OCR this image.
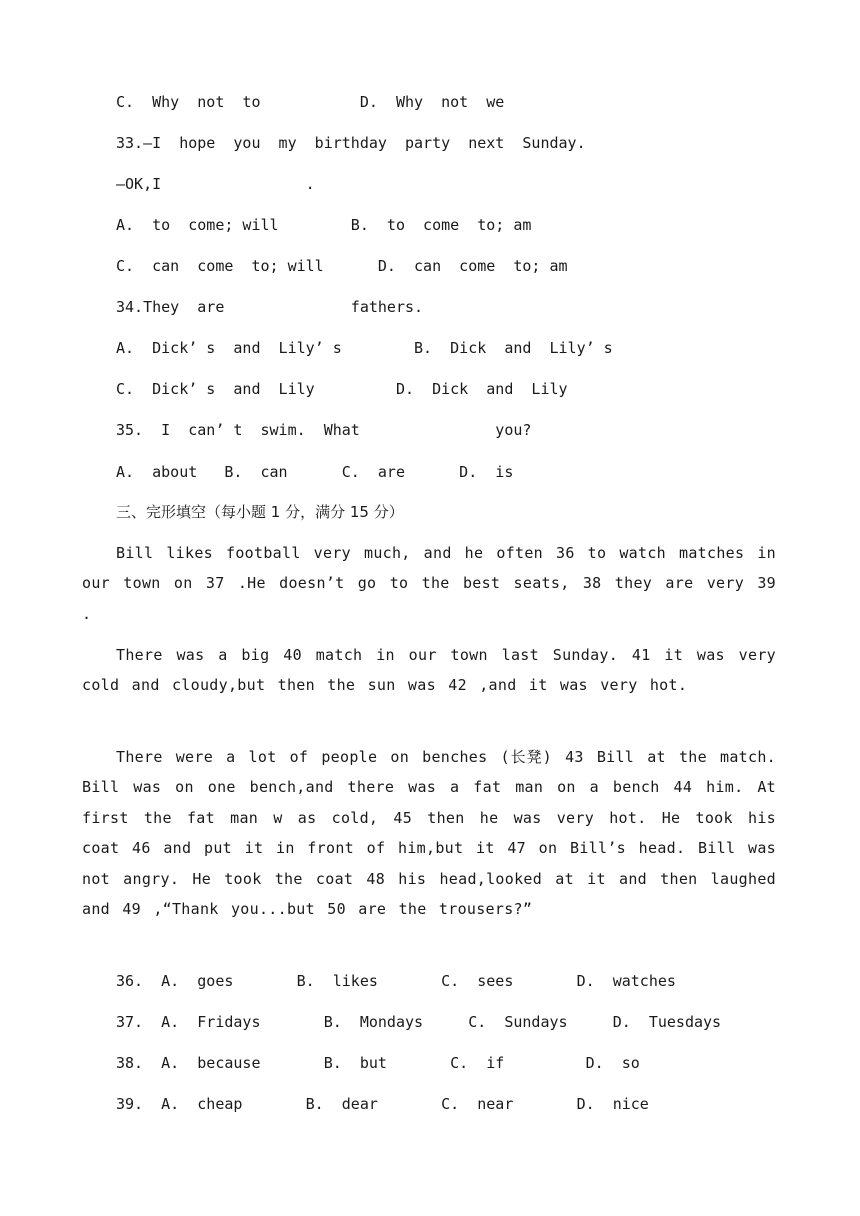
C.  Why  not  to           D.  Why  not  we
33.—I  hope  you  my  birthday  party  next  Sunday.
—OK,I                .
A.  to  come; will        B.  to  come  to; am
C.  can  come  to; will      D.  can  come  to; am
34.They  are              fathers.
A.  Dick’ s  and  Lily’ s        B.  Dick  and  Lily’ s
C.  Dick’ s  and  Lily         D.  Dick  and  Lily
35.  I  can’ t  swim.  What               you?
A.  about   B.  can      C.  are      D.  is
三、完形填空（每小题 1 分，满分 15 分）
Bill likes football very much, and he often 36 to watch matches in our town on 37 .He doesn’t go to the best seats, 38 they are very 39 .
There was a big 40 match in our town last Sunday. 41 it was very cold and cloudy,but then the sun was 42 ,and it was very hot.
There were a lot of people on benches (长凳) 43 Bill at the match. Bill was on one bench,and there was a fat man on a bench 44 him. At first the fat man w as cold, 45 then he was very hot. He took his coat 46 and put it in front of him,but it 47 on Bill’s head. Bill was not angry. He took the coat 48 his head,looked at it and then laughed and 49 ,“Thank you...but 50 are the trousers?”
36.  A.  goes       B.  likes       C.  sees       D.  watches
37.  A.  Fridays       B.  Mondays     C.  Sundays     D.  Tuesdays
38.  A.  because       B.  but       C.  if         D.  so
39.  A.  cheap       B.  dear       C.  near       D.  nice
